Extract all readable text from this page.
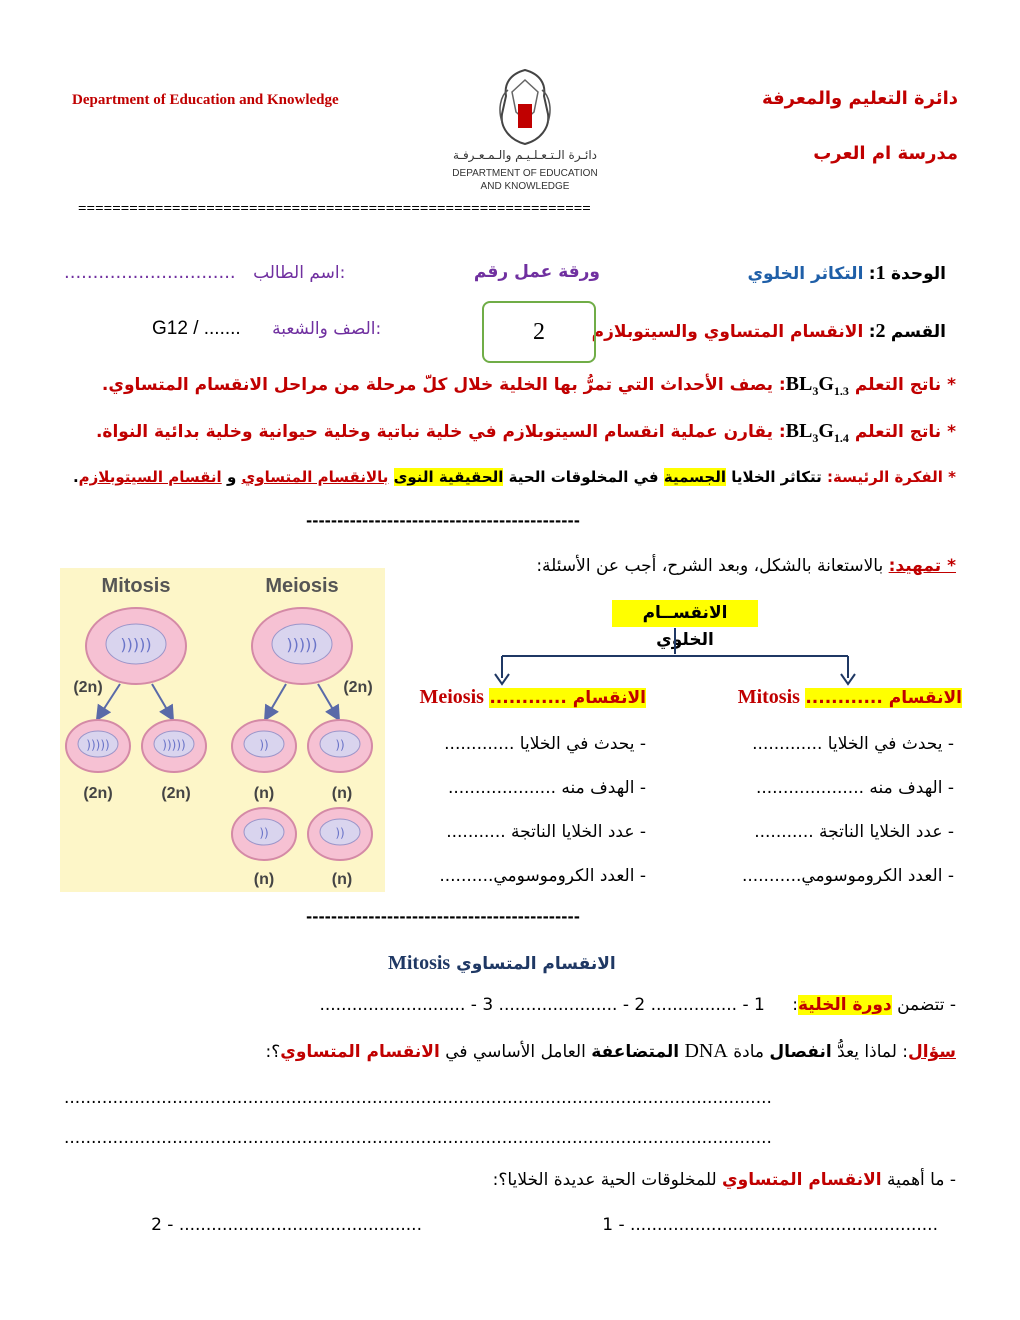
Department of Education and Knowledge	دائرة التعليم والمعرفة
مدرسة ام العرب
دائـرة الـتـعـلـيـم والـمـعـرفـة
DEPARTMENT OF EDUCATION
AND KNOWLEDGE
============================================================
الوحدة 1: التكاثر الخلوي
ورقة عمل رقم
.............................. اسم الطالب:
القسم 2: الانقسام المتساوي والسيتوبلازم
2
G12 / ....... الصف والشعبة:
* ناتج التعلم $BL_3G_{1.3}$: يصف الأحداث التي تمرُّ بها الخلية خلال كلّ مرحلة من مراحل الانقسام المتساوي.
* ناتج التعلم $BL_3G_{1.4}$: يقارن عملية انقسام السيتوبلازم في خلية نباتية وخلية حيوانية وخلية بدائية النواة.
* الفكرة الرئيسة: تتكاثر الخلايا الجسمية في المخلوقات الحية الحقيقية النوى بالانقسام المتساوي و انقسام السيتوبلازم.
--------------------------------------------
* تمهيد: بالاستعانة بالشكل، وبعد الشرح، أجب عن الأسئلة:
Mitosis	Meiosis
)))))	)))))
(2n)	(2n)
)))))	)))))	))	))
(2n)	(2n)	(n)	(n)
))	))
(n)	(n)
الانقســام الخلوي
الانقسام ............ Mitosis
- يحدث في الخلايا .............
- الهدف منه ....................
- عدد الخلايا الناتجة ...........
- العدد الكروموسومي...........
الانقسام ............ Meiosis
- يحدث في الخلايا .............
- الهدف منه ....................
- عدد الخلايا الناتجة ...........
- العدد الكروموسومي..........
--------------------------------------------
Mitosis الانقسام المتساوي
- تتضمن دورة الخلية: 1 - ................ 2 - ...................... 3 - ...........................
سؤال: لماذا يعدُّ انفصال مادة DNA المتضاعفة العامل الأساسي في الانقسام المتساوي؟:
...................................................................................................................................
...................................................................................................................................
- ما أهمية الانقسام المتساوي للمخلوقات الحية عديدة الخلايا؟:
1 - .........................................................
2 - .............................................
